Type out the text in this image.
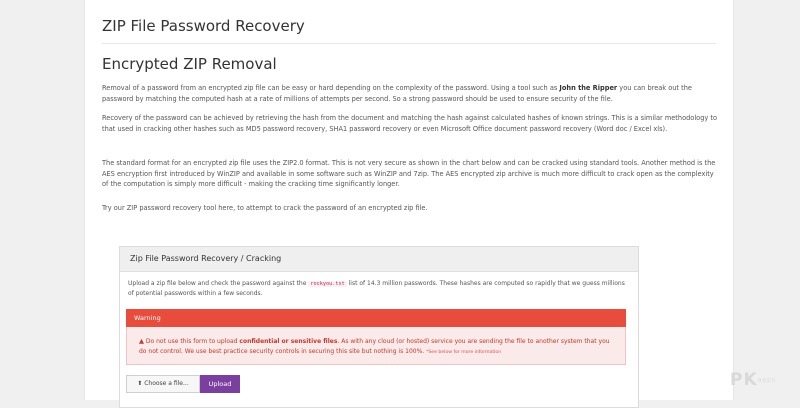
ZIP File Password Recovery
Encrypted ZIP Removal
Removal of a password from an encrypted zip file can be easy or hard depending on the complexity of the password. Using a tool such as John the Ripper you can break out the password by matching the computed hash at a rate of millions of attempts per second. So a strong password should be used to ensure security of the file.
Recovery of the password can be achieved by retrieving the hash from the document and matching the hash against calculated hashes of known strings. This is a similar methodology to that used in cracking other hashes such as MD5 password recovery, SHA1 password recovery or even Microsoft Office document password recovery (Word doc / Excel xls).
The standard format for an encrypted zip file uses the ZIP2.0 format. This is not very secure as shown in the chart below and can be cracked using standard tools. Another method is the AES encryption first introduced by WinZIP and available in some software such as WinZIP and 7zip. The AES encrypted zip archive is much more difficult to crack open as the complexity of the computation is simply more difficult - making the cracking time significantly longer.
Try our ZIP password recovery tool here, to attempt to crack the password of an encrypted zip file.
Zip File Password Recovery / Cracking
Upload a zip file below and check the password against the rockyou.txt list of 14.3 million passwords. These hashes are computed so rapidly that we guess millions of potential passwords within a few seconds.
Warning
▲ Do not use this form to upload confidential or sensitive files. As with any cloud (or hosted) service you are sending the file to another system that you do not control. We use best practice security controls in securing this site but nothing is 100%. *See below for more information
⬆ Choose a file...	Upload	PKapps
